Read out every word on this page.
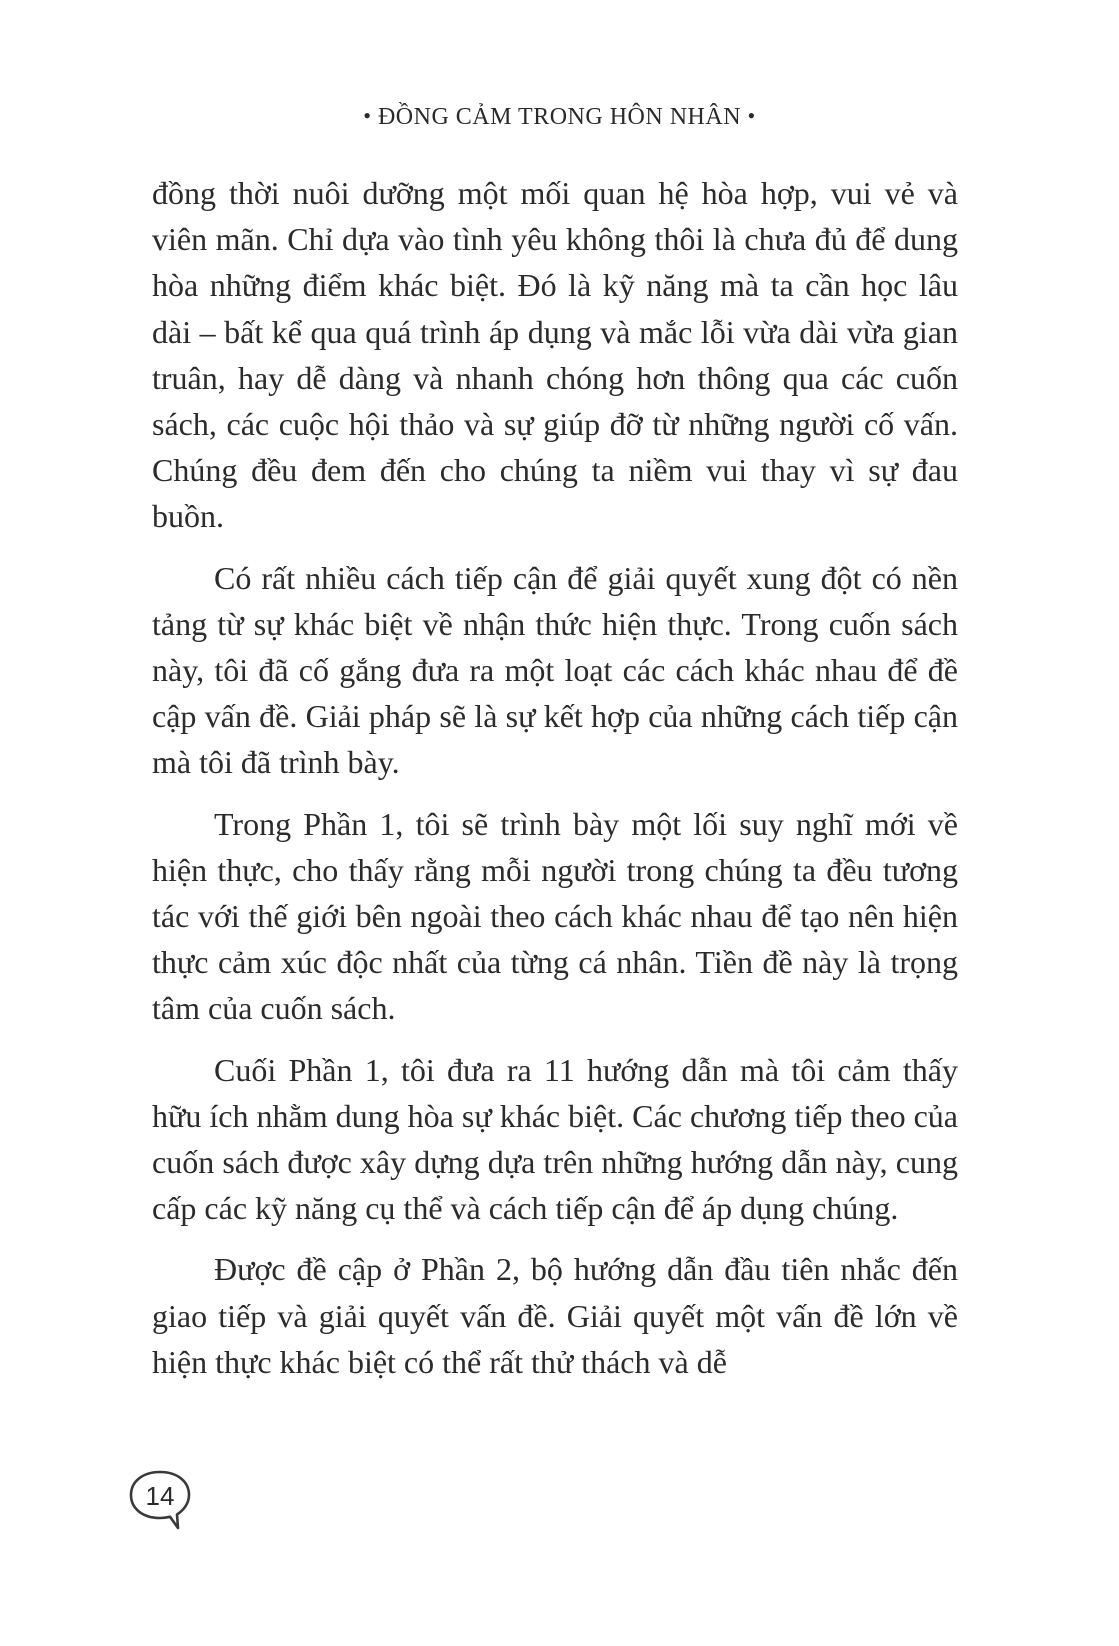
• ĐỒNG CẢM TRONG HÔN NHÂN •

đồng thời nuôi dưỡng một mối quan hệ hòa hợp, vui vẻ và viên mãn. Chỉ dựa vào tình yêu không thôi là chưa đủ để dung hòa những điểm khác biệt. Đó là kỹ năng mà ta cần học lâu dài – bất kể qua quá trình áp dụng và mắc lỗi vừa dài vừa gian truân, hay dễ dàng và nhanh chóng hơn thông qua các cuốn sách, các cuộc hội thảo và sự giúp đỡ từ những người cố vấn. Chúng đều đem đến cho chúng ta niềm vui thay vì sự đau buồn.

Có rất nhiều cách tiếp cận để giải quyết xung đột có nền tảng từ sự khác biệt về nhận thức hiện thực. Trong cuốn sách này, tôi đã cố gắng đưa ra một loạt các cách khác nhau để đề cập vấn đề. Giải pháp sẽ là sự kết hợp của những cách tiếp cận mà tôi đã trình bày.

Trong Phần 1, tôi sẽ trình bày một lối suy nghĩ mới về hiện thực, cho thấy rằng mỗi người trong chúng ta đều tương tác với thế giới bên ngoài theo cách khác nhau để tạo nên hiện thực cảm xúc độc nhất của từng cá nhân. Tiền đề này là trọng tâm của cuốn sách.

Cuối Phần 1, tôi đưa ra 11 hướng dẫn mà tôi cảm thấy hữu ích nhằm dung hòa sự khác biệt. Các chương tiếp theo của cuốn sách được xây dựng dựa trên những hướng dẫn này, cung cấp các kỹ năng cụ thể và cách tiếp cận để áp dụng chúng.

Được đề cập ở Phần 2, bộ hướng dẫn đầu tiên nhắc đến giao tiếp và giải quyết vấn đề. Giải quyết một vấn đề lớn về hiện thực khác biệt có thể rất thử thách và dễ

14
